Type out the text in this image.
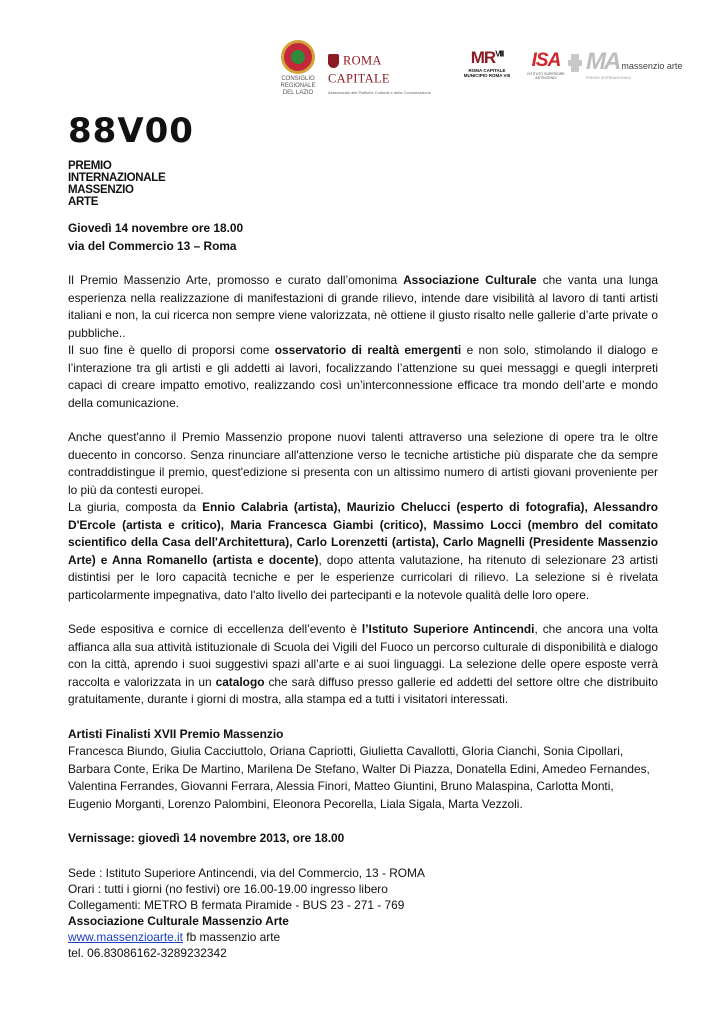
CONSIGLIO REGIONALE DEL LAZIO
ROMA CAPITALE
Assessorato alle Politiche Culturali e della Comunicazione
$MR^{VIII}$
ROMA CAPITALE
MUNICIPIO ROMA VIII
ISA
ISTITUTO SUPERIORE ANTINCENDI
MA massenzio arte
PREMIO INTERNAZIONALE
88V00
PREMIO
INTERNAZIONALE
MASSENZIO
ARTE

Giovedì 14 novembre ore 18.00

via del Commercio 13 – Roma

Il Premio Massenzio Arte, promosso e curato dall’omonima Associazione Culturale che vanta una lunga esperienza nella realizzazione di manifestazioni di grande rilievo, intende dare visibilità al lavoro di tanti artisti italiani e non, la cui ricerca non sempre viene valorizzata, nè ottiene il giusto risalto nelle gallerie d’arte private o pubbliche..

Il suo fine è quello di proporsi come osservatorio di realtà emergenti e non solo, stimolando il dialogo e l’interazione tra gli artisti e gli addetti ai lavori, focalizzando l’attenzione su quei messaggi e quegli interpreti capaci di creare impatto emotivo, realizzando così un’interconnessione efficace tra mondo dell’arte e mondo della comunicazione.

Anche quest'anno il Premio Massenzio propone nuovi talenti attraverso una selezione di opere tra le oltre duecento in concorso. Senza rinunciare all'attenzione verso le tecniche artistiche più disparate che da sempre contraddistingue il premio, quest'edizione si presenta con un altissimo numero di artisti giovani proveniente per lo più da contesti europei.

La giuria, composta da Ennio Calabria (artista), Maurizio Chelucci (esperto di fotografia), Alessandro D'Ercole (artista e critico), Maria Francesca Giambi (critico), Massimo Locci (membro del comitato scientifico della Casa dell'Architettura), Carlo Lorenzetti (artista), Carlo Magnelli (Presidente Massenzio Arte) e Anna Romanello (artista e docente), dopo attenta valutazione, ha ritenuto di selezionare 23 artisti distintisi per le loro capacità tecniche e per le esperienze curricolari di rilievo. La selezione si è rivelata particolarmente impegnativa, dato l'alto livello dei partecipanti e la notevole qualità delle loro opere.

Sede espositiva e cornice di eccellenza dell’evento è l’Istituto Superiore Antincendi, che ancora una volta affianca alla sua attività istituzionale di Scuola dei Vigili del Fuoco un percorso culturale di disponibilità e dialogo con la città, aprendo i suoi suggestivi spazi all’arte e ai suoi linguaggi. La selezione delle opere esposte verrà raccolta e valorizzata in un catalogo che sarà diffuso presso gallerie ed addetti del settore oltre che distribuito gratuitamente, durante i giorni di mostra, alla stampa ed a tutti i visitatori interessati.

Artisti Finalisti XVII Premio Massenzio

Francesca Biundo, Giulia Cacciuttolo, Oriana Capriotti, Giulietta Cavallotti, Gloria Cianchi, Sonia Cipollari, Barbara Conte, Erika De Martino, Marilena De Stefano, Walter Di Piazza, Donatella Edini, Amedeo Fernandes, Valentina Ferrandes, Giovanni Ferrara, Alessia Finori, Matteo Giuntini, Bruno Malaspina, Carlotta Monti, Eugenio Morganti, Lorenzo Palombini, Eleonora Pecorella, Liala Sigala, Marta Vezzoli.

Vernissage: giovedì 14 novembre 2013, ore 18.00

Sede : Istituto Superiore Antincendi, via del Commercio, 13 - ROMA

Orari : tutti i giorni (no festivi) ore 16.00-19.00 ingresso libero

Collegamenti: METRO B fermata Piramide - BUS 23 - 271 - 769

Associazione Culturale Massenzio Arte

www.massenzioarte.it fb massenzio arte

tel. 06.83086162-3289232342
